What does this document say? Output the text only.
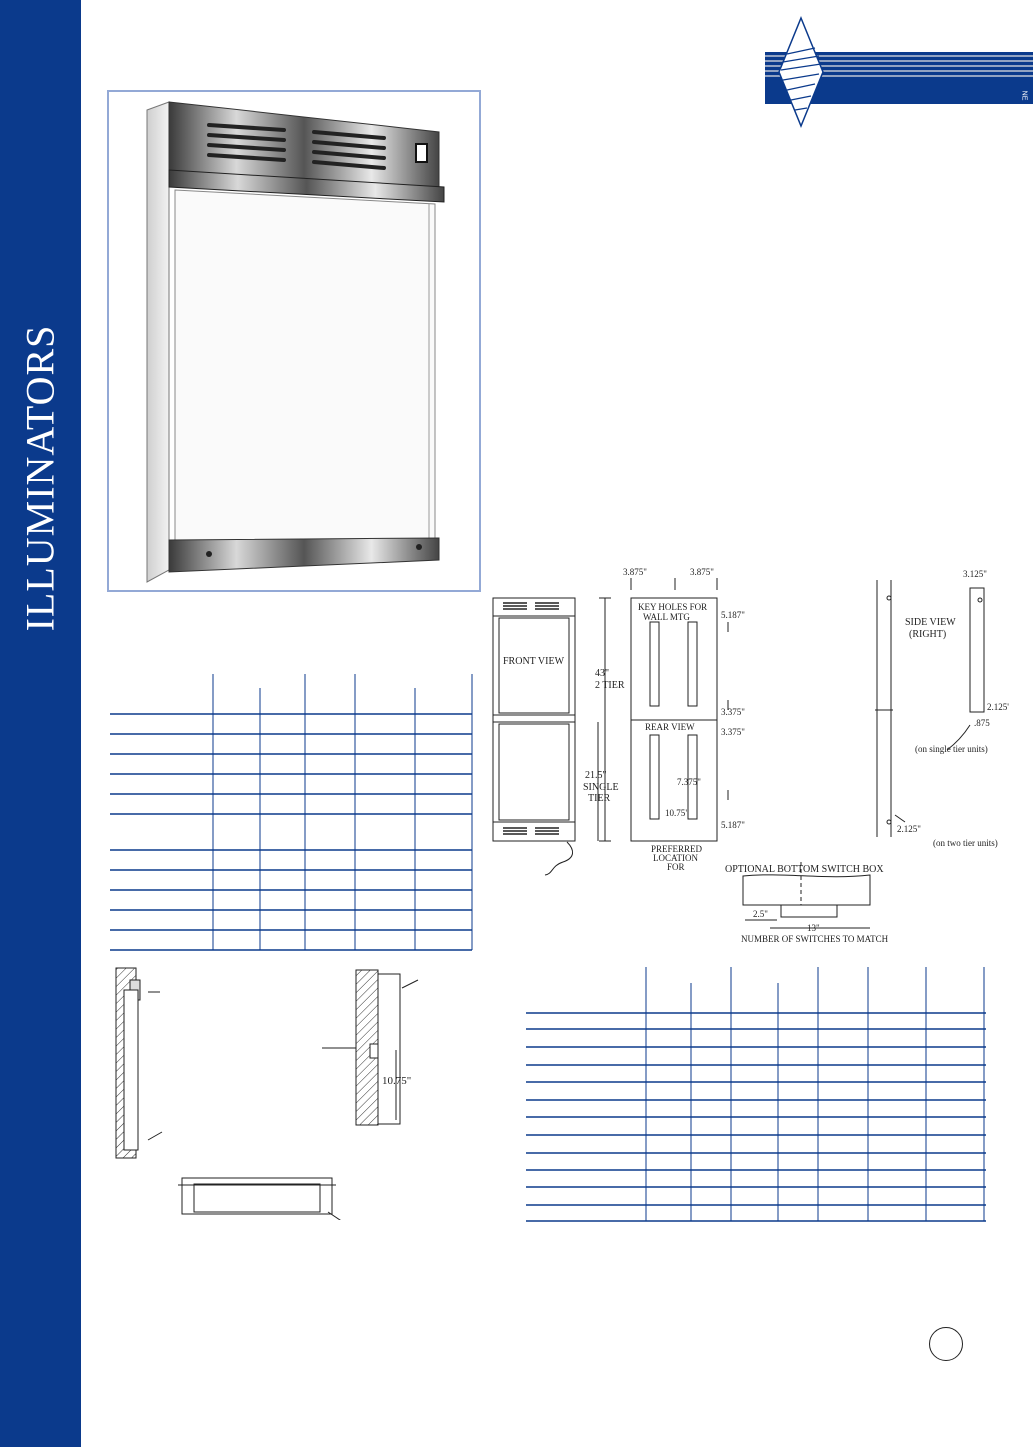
ILLUMINATORS
NE
FRONT VIEW
3.875"	3.875"
KEY HOLES FOR
WALL MTG	5.187"
43"
2 TIER
3.375"
3.375"
REAR VIEW
21.5"
SINGLE
TIER
7.375"
10.75"
5.187"
PREFERRED
LOCATION
FOR
3.125"
SIDE VIEW
(RIGHT)
2.125'
.875
(on single tier units)
2.125"
(on two tier units)
OPTIONAL BOTTOM SWITCH BOX
2.5"
13"
NUMBER OF SWITCHES TO MATCH
10.75"
